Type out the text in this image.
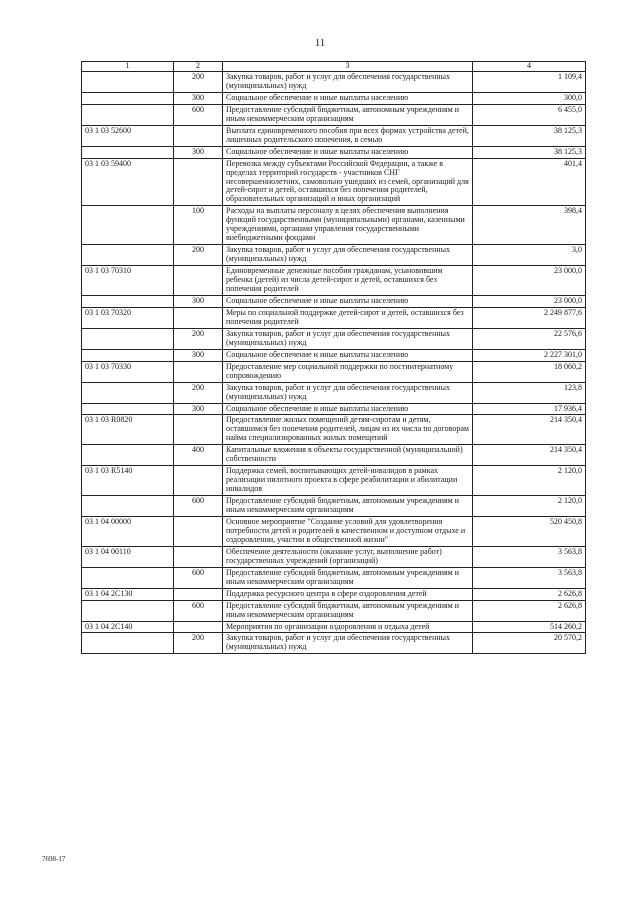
11
1	2	3	4
	200	Закупка товаров, работ и услуг для обеспечения государственных (муниципальных) нужд	1 109,4
	300	Социальное обеспечение и иные выплаты населению	300,0
	600	Предоставление субсидий бюджетным, автономным учреждениям и иным некоммерческим организациям	6 455,0
03 1 03 52600		Выплата единовременного пособия при всех формах устройства детей, лишенных родительского попечения, в семью	38 125,3
	300	Социальное обеспечение и иные выплаты населению	38 125,3
03 1 03 59400		Перевозка между субъектами Российской Федерации, а также в пределах территорий государств - участников СНГ несовершеннолетних, самовольно ушедших из семей, организаций для детей-сирот и детей, оставшихся без попечения родителей, образовательных организаций и иных организаций	401,4
	100	Расходы на выплаты персоналу в целях обеспечения выполнения функций государственными (муниципальными) органами, казенными учреждениями, органами управления государственными внебюджетными фондами	398,4
	200	Закупка товаров, работ и услуг для обеспечения государственных (муниципальных) нужд	3,0
03 1 03 70310		Единовременные денежные пособия гражданам, усыновившим ребенка (детей) из числа детей-сирот и детей, оставшихся без попечения родителей	23 000,0
	300	Социальное обеспечение и иные выплаты населению	23 000,0
03 1 03 70320		Меры по социальной поддержке детей-сирот и детей, оставшихся без попечения родителей	2 249 877,6
	200	Закупка товаров, работ и услуг для обеспечения государственных (муниципальных) нужд	22 576,6
	300	Социальное обеспечение и иные выплаты населению	2 227 301,0
03 1 03 70330		Предоставление мер социальной поддержки по постинтернатному сопровождению	18 060,2
	200	Закупка товаров, работ и услуг для обеспечения государственных (муниципальных) нужд	123,8
	300	Социальное обеспечение и иные выплаты населению	17 936,4
03 1 03 R0820		Предоставление жилых помещений детям-сиротам и детям, оставшимся без попечения родителей, лицам из их числа по договорам найма специализированных жилых помещений	214 350,4
	400	Капитальные вложения в объекты государственной (муниципальной) собственности	214 350,4
03 1 03 R5140		Поддержка семей, воспитывающих детей-инвалидов в рамках реализации пилотного проекта в сфере реабилитации и абилитации инвалидов	2 120,0
	600	Предоставление субсидий бюджетным, автономным учреждениям и иным некоммерческим организациям	2 120,0
03 1 04 00000		Основное мероприятие "Создание условий для удовлетворения потребности детей и родителей в качественном и доступном отдыхе и оздоровлении, участии в общественной жизни"	520 450,8
03 1 04 00110		Обеспечение деятельности (оказание услуг, выполнение работ) государственных учреждений (организаций)	3 563,8
	600	Предоставление субсидий бюджетным, автономным учреждениям и иным некоммерческим организациям	3 563,8
03 1 04 2С130		Поддержка ресурсного центра в сфере оздоровления детей	2 626,8
	600	Предоставление субсидий бюджетным, автономным учреждениям и иным некоммерческим организациям	2 626,8
03 1 04 2С140		Мероприятия по организации оздоровления и отдыха детей	514 260,2
	200	Закупка товаров, работ и услуг для обеспечения государственных (муниципальных) нужд	20 570,2
7698-17
